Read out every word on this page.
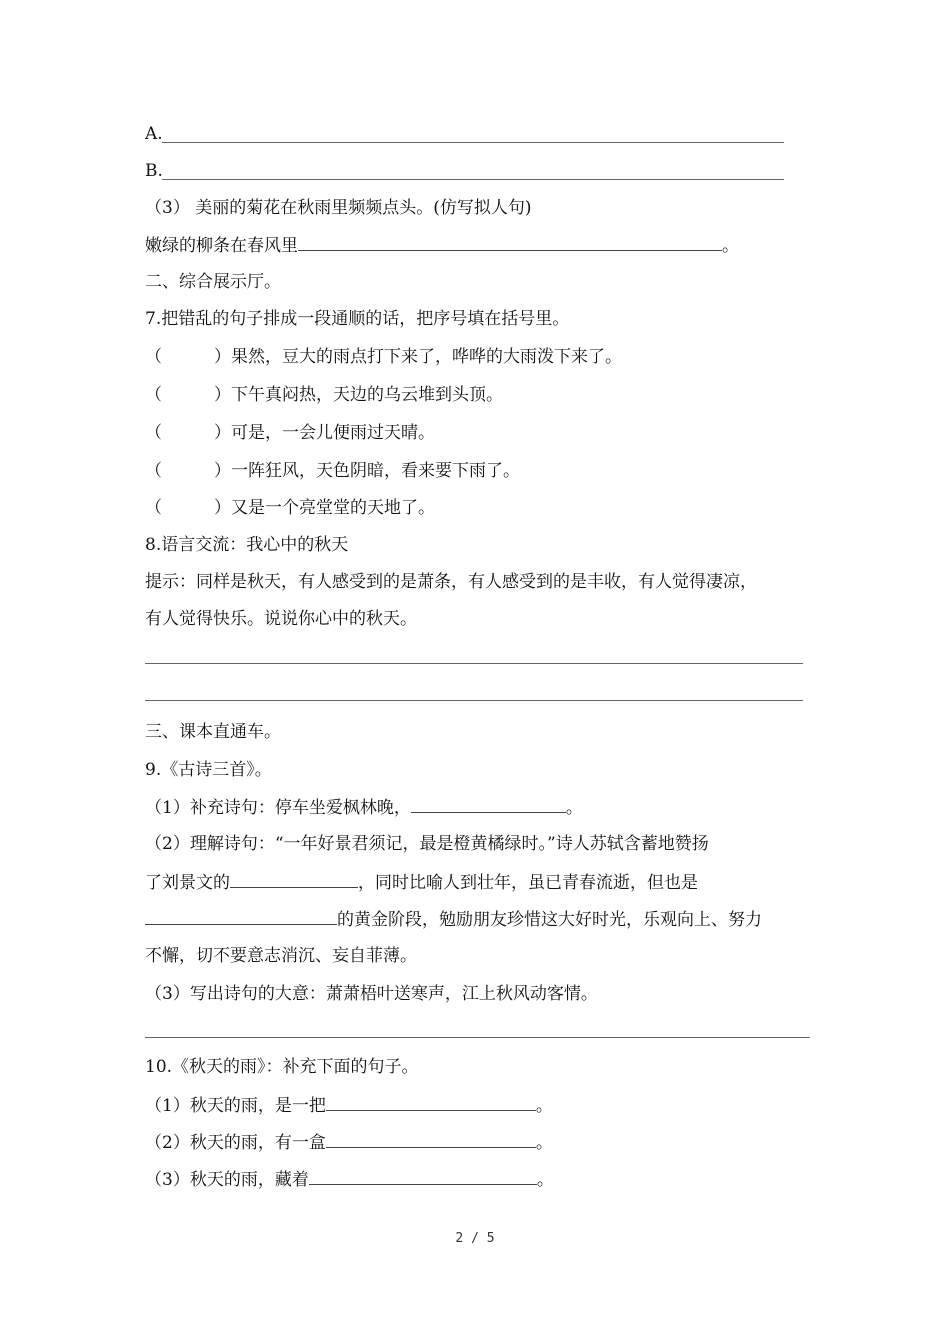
A.
B.
（3） 美丽的菊花在秋雨里频频点头。(仿写拟人句)
嫩绿的柳条在春风里	。
二、综合展示厅。
7.把错乱的句子排成一段通顺的话，把序号填在括号里。
（	）果然，豆大的雨点打下来了，哗哗的大雨泼下来了。
（	）下午真闷热，天边的乌云堆到头顶。
（	）可是，一会儿便雨过天晴。
（	）一阵狂风，天色阴暗，看来要下雨了。
（	）又是一个亮堂堂的天地了。
8.语言交流：我心中的秋天
提示：同样是秋天，有人感受到的是萧条，有人感受到的是丰收，有人觉得凄凉，
有人觉得快乐。说说你心中的秋天。
三、课本直通车。
9.《古诗三首》。
（1）补充诗句：停车坐爱枫林晚，	。
（2）理解诗句：“一年好景君须记，最是橙黄橘绿时。”诗人苏轼含蓄地赞扬
了刘景文的	，同时比喻人到壮年，虽已青春流逝，但也是
的黄金阶段，勉励朋友珍惜这大好时光，乐观向上、努力
不懈，切不要意志消沉、妄自菲薄。
（3）写出诗句的大意：萧萧梧叶送寒声，江上秋风动客情。
10.《秋天的雨》：补充下面的句子。
（1）秋天的雨，是一把	。
（2）秋天的雨，有一盒	。
（3）秋天的雨，藏着	。
2 / 5
